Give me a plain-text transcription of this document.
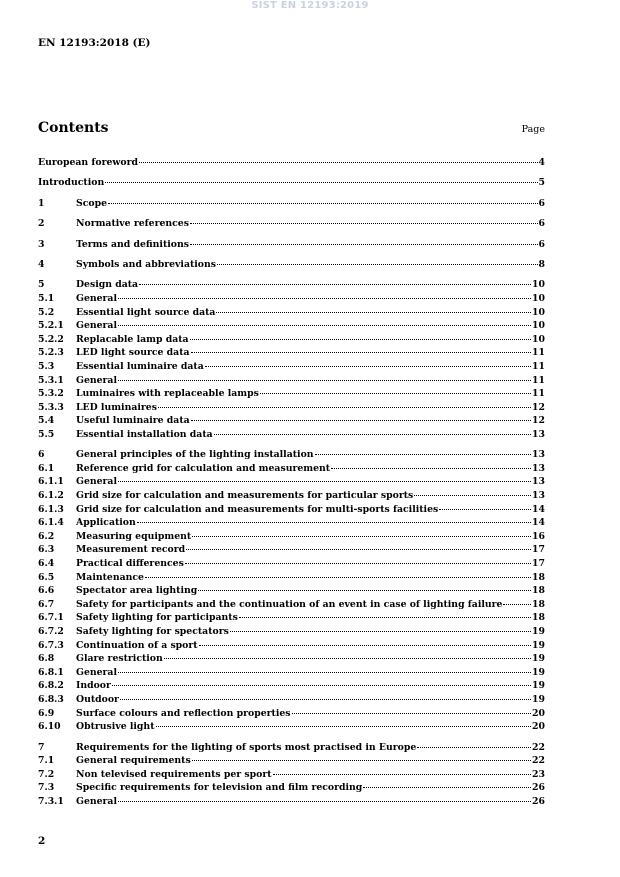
SIST EN 12193:2019
EN 12193:2018 (E)
Contents	Page
European foreword	4
Introduction	5
1	Scope	6
2	Normative references	6
3	Terms and definitions	6
4	Symbols and abbreviations	8
5	Design data	10
5.1	General	10
5.2	Essential light source data	10
5.2.1	General	10
5.2.2	Replacable lamp data	10
5.2.3	LED light source data	11
5.3	Essential luminaire data	11
5.3.1	General	11
5.3.2	Luminaires with replaceable lamps	11
5.3.3	LED luminaires	12
5.4	Useful luminaire data	12
5.5	Essential installation data	13
6	General principles of the lighting installation	13
6.1	Reference grid for calculation and measurement	13
6.1.1	General	13
6.1.2	Grid size for calculation and measurements for particular sports	13
6.1.3	Grid size for calculation and measurements for multi-sports facilities	14
6.1.4	Application	14
6.2	Measuring equipment	16
6.3	Measurement record	17
6.4	Practical differences	17
6.5	Maintenance	18
6.6	Spectator area lighting	18
6.7	Safety for participants and the continuation of an event in case of lighting failure	18
6.7.1	Safety lighting for participants	18
6.7.2	Safety lighting for spectators	19
6.7.3	Continuation of a sport	19
6.8	Glare restriction	19
6.8.1	General	19
6.8.2	Indoor	19
6.8.3	Outdoor	19
6.9	Surface colours and reflection properties	20
6.10	Obtrusive light	20
7	Requirements for the lighting of sports most practised in Europe	22
7.1	General requirements	22
7.2	Non televised requirements per sport	23
7.3	Specific requirements for television and film recording	26
7.3.1	General	26
2
